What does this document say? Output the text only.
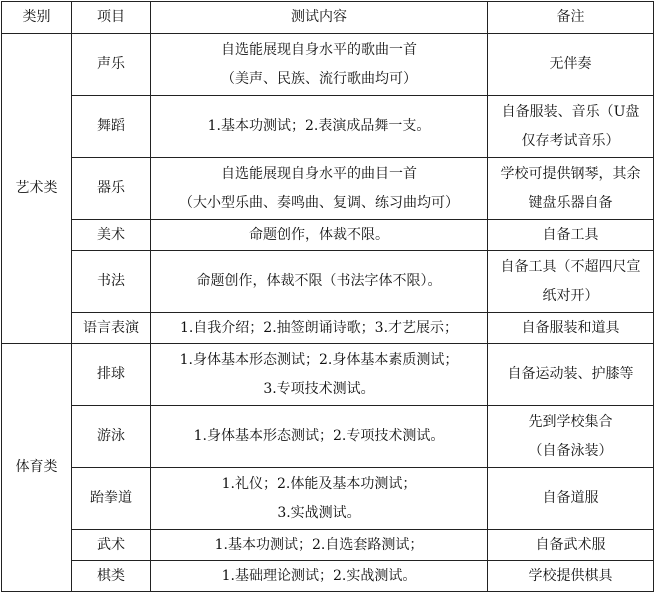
类别	项目	测试内容	备注
艺术类	声乐	自选能展现自身水平的歌曲一首
（美声、民族、流行歌曲均可）	无伴奏

	舞蹈	1.基本功测试；2.表演成品舞一支。	自备服装、音乐（U盘
仅存考试音乐）

	器乐	自选能展现自身水平的曲目一首
（大小型乐曲、奏鸣曲、复调、练习曲均可）	学校可提供钢琴，其余
键盘乐器自备

	美术	命题创作，体裁不限。	自备工具

	书法	命题创作，体裁不限（书法字体不限）。	自备工具（不超四尺宣
纸对开）

	语言表演	1.自我介绍；2.抽签朗诵诗歌；3.才艺展示；	自备服装和道具

体育类	排球	1.身体基本形态测试；2.身体基本素质测试；
3.专项技术测试。	自备运动装、护膝等

	游泳	1.身体基本形态测试；2.专项技术测试。	先到学校集合
（自备泳装）

	跆拳道	1.礼仪；2.体能及基本功测试；
3.实战测试。	自备道服

	武术	1.基本功测试；2.自选套路测试；	自备武术服

	棋类	1.基础理论测试；2.实战测试。	学校提供棋具
